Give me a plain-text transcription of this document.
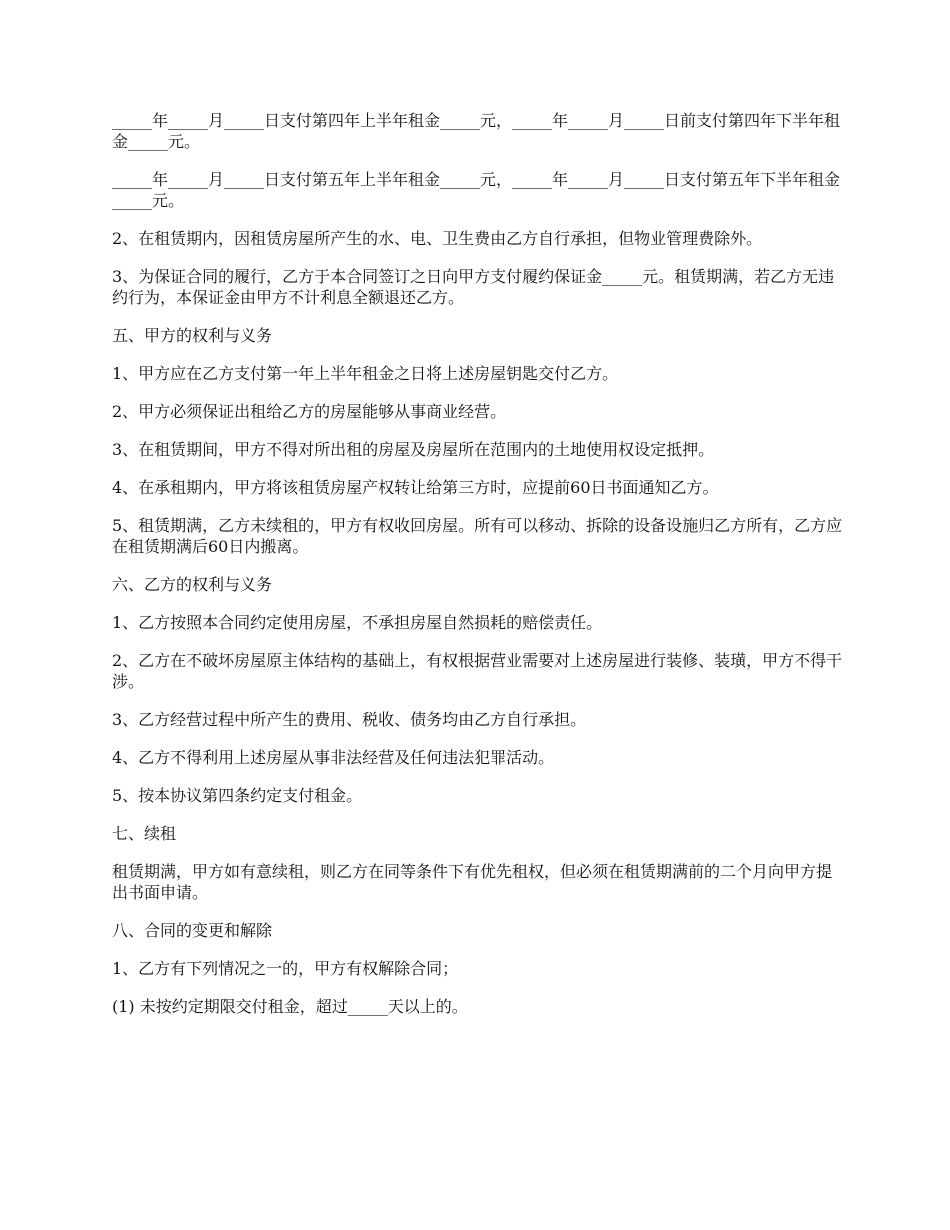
_____年_____月_____日支付第四年上半年租金_____元，_____年_____月_____日前支付第四年下半年租金_____元。

_____年_____月_____日支付第五年上半年租金_____元，_____年_____月_____日支付第五年下半年租金_____元。

2、在租赁期内，因租赁房屋所产生的水、电、卫生费由乙方自行承担，但物业管理费除外。

3、为保证合同的履行，乙方于本合同签订之日向甲方支付履约保证金_____元。租赁期满，若乙方无违约行为，本保证金由甲方不计利息全额退还乙方。

五、甲方的权利与义务

1、甲方应在乙方支付第一年上半年租金之日将上述房屋钥匙交付乙方。

2、甲方必须保证出租给乙方的房屋能够从事商业经营。

3、在租赁期间，甲方不得对所出租的房屋及房屋所在范围内的土地使用权设定抵押。

4、在承租期内，甲方将该租赁房屋产权转让给第三方时，应提前60日书面通知乙方。

5、租赁期满，乙方未续租的，甲方有权收回房屋。所有可以移动、拆除的设备设施归乙方所有，乙方应在租赁期满后60日内搬离。

六、乙方的权利与义务

1、乙方按照本合同约定使用房屋，不承担房屋自然损耗的赔偿责任。

2、乙方在不破坏房屋原主体结构的基础上，有权根据营业需要对上述房屋进行装修、装璜，甲方不得干涉。

3、乙方经营过程中所产生的费用、税收、债务均由乙方自行承担。

4、乙方不得利用上述房屋从事非法经营及任何违法犯罪活动。

5、按本协议第四条约定支付租金。

七、续租

租赁期满，甲方如有意续租，则乙方在同等条件下有优先租权，但必须在租赁期满前的二个月向甲方提出书面申请。

八、合同的变更和解除

1、乙方有下列情况之一的，甲方有权解除合同；

(1) 未按约定期限交付租金，超过_____天以上的。
